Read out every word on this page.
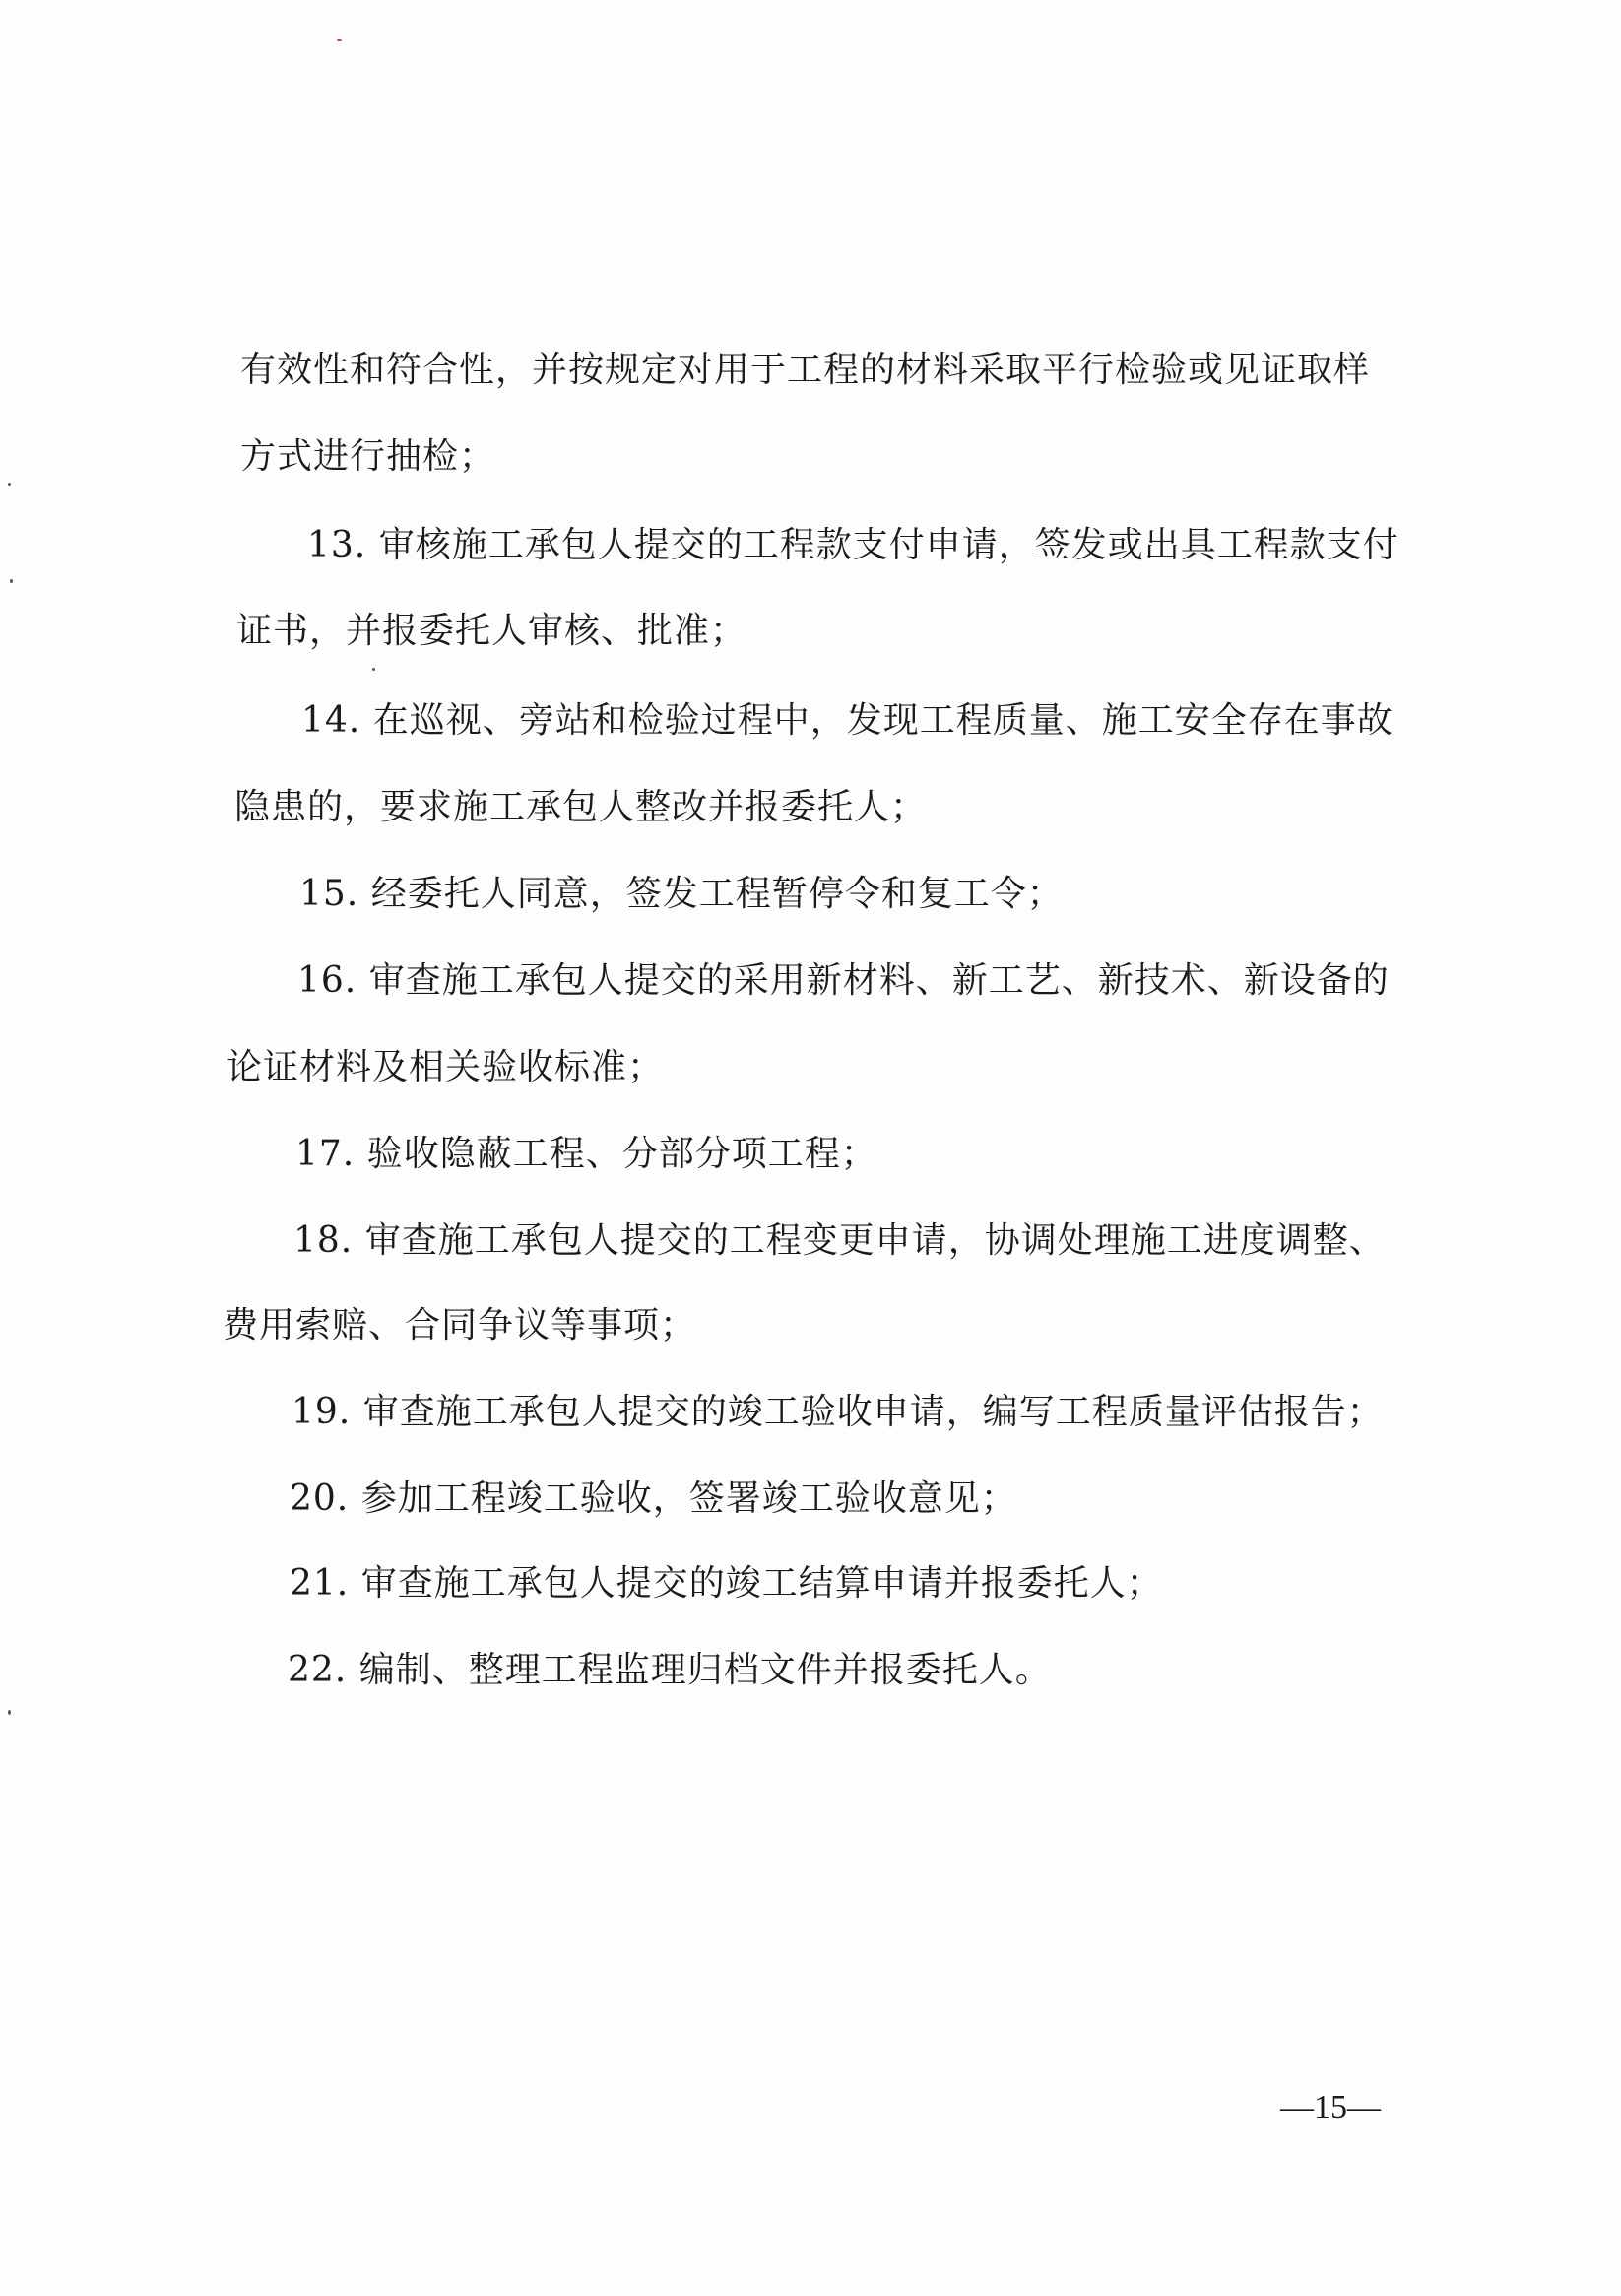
有效性和符合性，并按规定对用于工程的材料采取平行检验或见证取样
方式进行抽检；
13. 审核施工承包人提交的工程款支付申请，签发或出具工程款支付
证书，并报委托人审核、批准；
14. 在巡视、旁站和检验过程中，发现工程质量、施工安全存在事故
隐患的，要求施工承包人整改并报委托人；
15. 经委托人同意，签发工程暂停令和复工令；
16. 审查施工承包人提交的采用新材料、新工艺、新技术、新设备的
论证材料及相关验收标准；
17. 验收隐蔽工程、分部分项工程；
18. 审查施工承包人提交的工程变更申请，协调处理施工进度调整、
费用索赔、合同争议等事项；
19. 审查施工承包人提交的竣工验收申请，编写工程质量评估报告；
20. 参加工程竣工验收，签署竣工验收意见；
21. 审查施工承包人提交的竣工结算申请并报委托人；
22. 编制、整理工程监理归档文件并报委托人。
—15—
